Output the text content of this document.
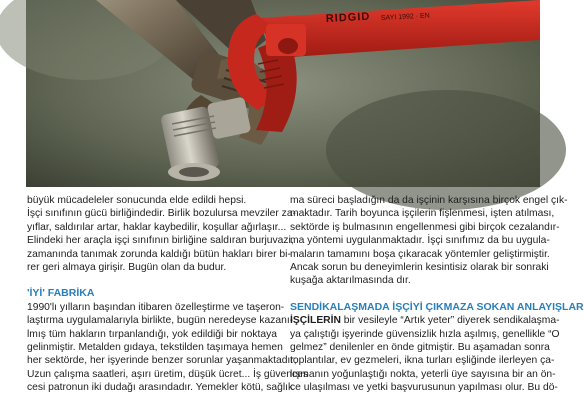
RIDGID SAYI 1992 · EN
büyük mücadeleler sonucunda elde edildi hepsi.
İşçi sınıfının gücü birliğindedir. Birlik bozulursa mevziler za-
yıflar, saldırılar artar, haklar kaybedilir, koşullar ağırlaşır...
Elindeki her araçla işçi sınıfının birliğine saldıran burjuvazi,
zamanında tanımak zorunda kaldığı bütün hakları birer bi-
rer geri almaya girişir. Bugün olan da budur.
'İYİ' FABRİKA
1990'lı yılların başından itibaren özelleştirme ve taşeron-
laştırma uygulamalarıyla birlikte, bugün neredeyse kazanı-
lmış tüm hakların tırpanlandığı, yok edildiği bir noktaya
gelinmiştir. Metalden gıdaya, tekstilden taşımaya hemen
her sektörde, her işyerinde benzer sorunlar yaşanmaktadır;
Uzun çalışma saatleri, aşırı üretim, düşük ücret... İş güvences
cesi patronun iki dudağı arasındadır. Yemekler kötü, sağlık
ma süreci başladığın da da işçinin karşısına birçok engel çık-
maktadır. Tarih boyunca işçilerin fişlenmesi, işten atılması,
sektörde iş bulmasının engellenmesi gibi birçok cezalandır-
ma yöntemi uygulanmaktadır. İşçi sınıfımız da bu uygula-
maların tamamını boşa çıkaracak yöntemler geliştirmiştir.
Ancak sorun bu deneyimlerin kesintisiz olarak bir sonraki
kuşağa aktarılmasında dır.
SENDİKALAŞMADA İŞÇİYİ ÇIKMAZA SOKAN ANLAYIŞLAR
İŞÇİLERİN bir vesileyle “Artık yeter” diyerek sendikalaşma-
ya çalıştığı işyerinde güvensizlik hızla aşılmış, genellikle “O
gelmez” denilenler en önde gitmiştir. Bu aşamadan sonra
toplantılar, ev gezmeleri, ikna turları eşliğinde ilerleyen ça-
lışmanın yoğunlaştığı nokta, yeterli üye sayısına bir an ön-
ce ulaşılması ve yetki başvurusunun yapılması olur. Bu dö-
